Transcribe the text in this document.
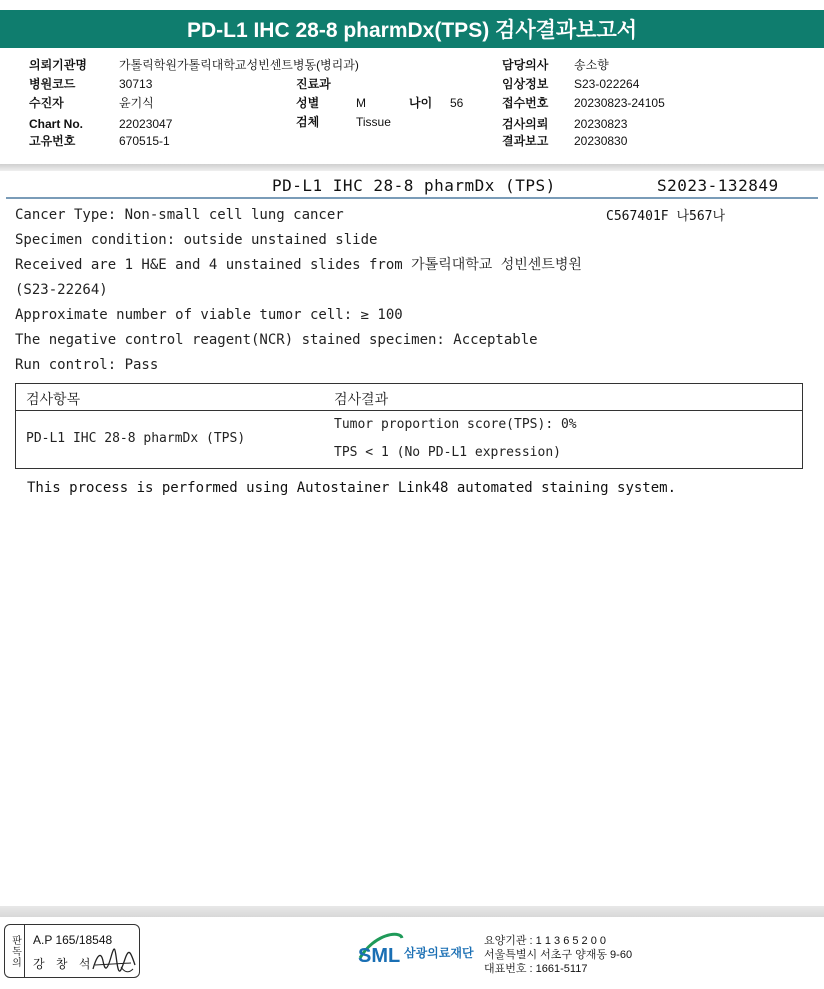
PD-L1 IHC 28-8 pharmDx(TPS) 검사결과보고서
의뢰기관명	가톨릭학원가톨릭대학교성빈센트병동(병리과)
병원코드	30713
수진자	윤기식
Chart No.	22023047
고유번호	670515-1
진료과
성별	M	나이 56
검체	Tissue
담당의사 송소향
임상정보 S23-022264
접수번호 20230823-24105
검사의뢰 20230823
결과보고 20230830
PD-L1 IHC 28-8 pharmDx (TPS)	S2023-132849
C567401F 나567나
Cancer Type: Non-small cell lung cancer
Specimen condition: outside unstained slide
Received are 1 H&E and 4 unstained slides from 가톨릭대학교 성빈센트병원
(S23-22264)
Approximate number of viable tumor cell: ≥ 100
The negative control reagent(NCR) stained specimen: Acceptable
Run control: Pass
검사항목	검사결과
PD-L1 IHC 28-8 pharmDx (TPS)
Tumor proportion score(TPS): 0%
TPS < 1 (No PD-L1 expression)
This process is performed using Autostainer Link48 automated staining system.
판독의	A.P 165/18548
강 창 석	SML 삼광의료재단
요양기관 : 1 1 3 6 5 2 0 0
서울특별시 서초구 양재동 9-60
대표번호 : 1661-5117
